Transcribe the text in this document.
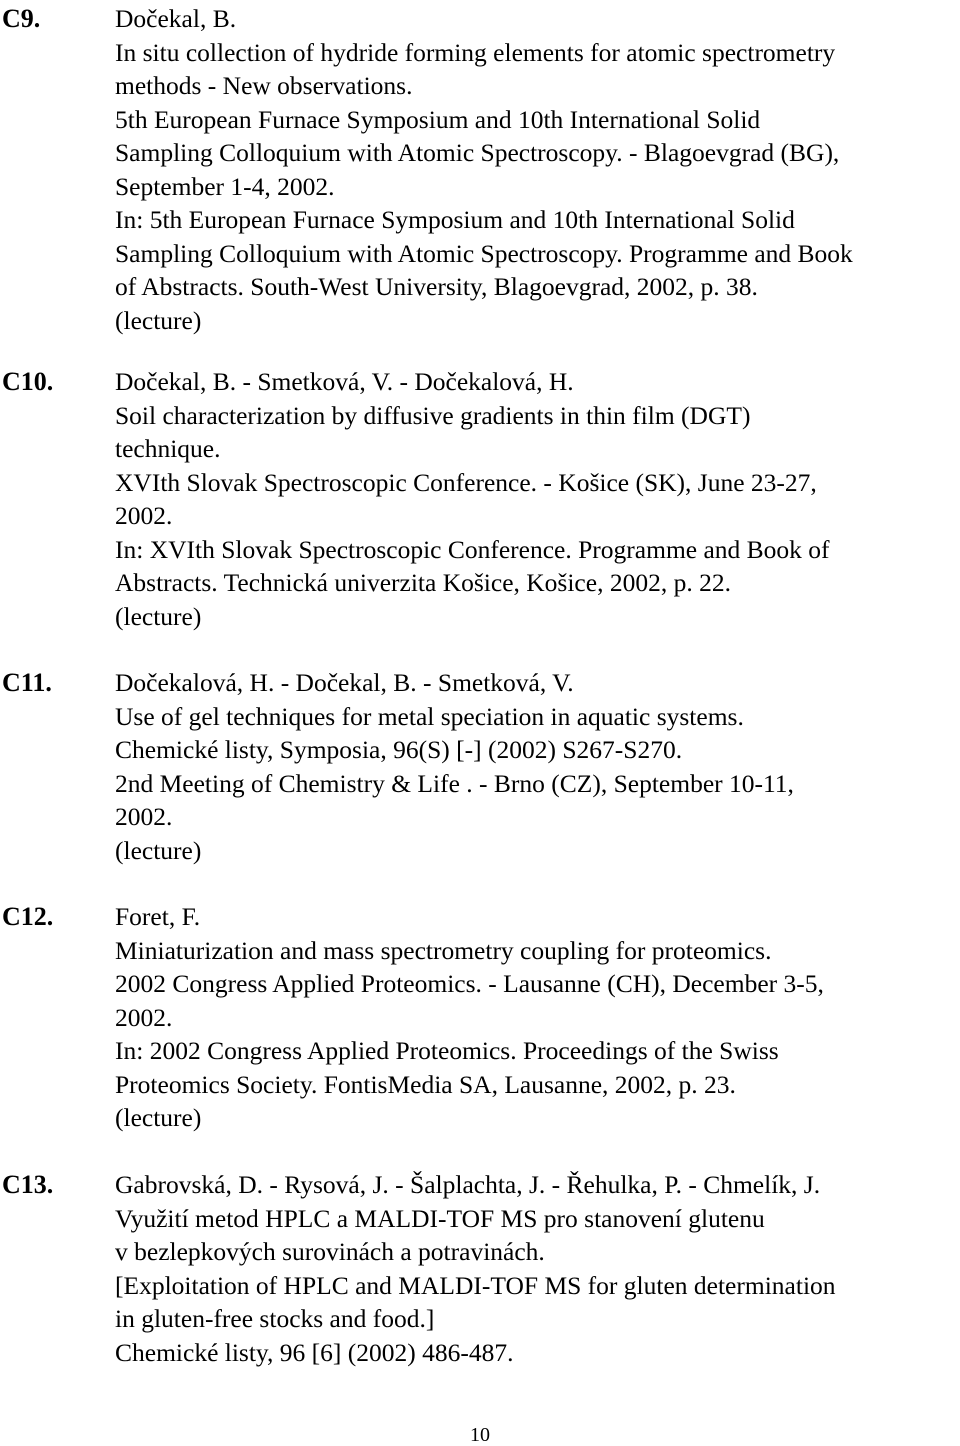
C9.	Dočekal, B.
In situ collection of hydride forming elements for atomic spectrometry
methods - New observations.
5th European Furnace Symposium and 10th International Solid
Sampling Colloquium with Atomic Spectroscopy. - Blagoevgrad (BG),
September 1-4, 2002.
In: 5th European Furnace Symposium and 10th International Solid
Sampling Colloquium with Atomic Spectroscopy. Programme and Book
of Abstracts. South-West University, Blagoevgrad, 2002, p. 38.
(lecture)
C10. Dočekal, B. - Smetková, V. - Dočekalová, H.
Soil characterization by diffusive gradients in thin film (DGT)
technique.
XVIth Slovak Spectroscopic Conference. - Košice (SK), June 23-27,
2002.
In: XVIth Slovak Spectroscopic Conference. Programme and Book of
Abstracts. Technická univerzita Košice, Košice, 2002, p. 22.
(lecture)
C11. Dočekalová, H. - Dočekal, B. - Smetková, V.
Use of gel techniques for metal speciation in aquatic systems.
Chemické listy, Symposia, 96(S) [-] (2002) S267-S270.
2nd Meeting of Chemistry & Life . - Brno (CZ), September 10-11,
2002.
(lecture)
C12. Foret, F.
Miniaturization and mass spectrometry coupling for proteomics.
2002 Congress Applied Proteomics. - Lausanne (CH), December 3-5,
2002.
In: 2002 Congress Applied Proteomics. Proceedings of the Swiss
Proteomics Society. FontisMedia SA, Lausanne, 2002, p. 23.
(lecture)
C13. Gabrovská, D. - Rysová, J. - Šalplachta, J. - Řehulka, P. - Chmelík, J.
Využití metod HPLC a MALDI-TOF MS pro stanovení glutenu
v bezlepkových surovinách a potravinách.
[Exploitation of HPLC and MALDI-TOF MS for gluten determination
in gluten-free stocks and food.]
Chemické listy, 96 [6] (2002) 486-487.
10
